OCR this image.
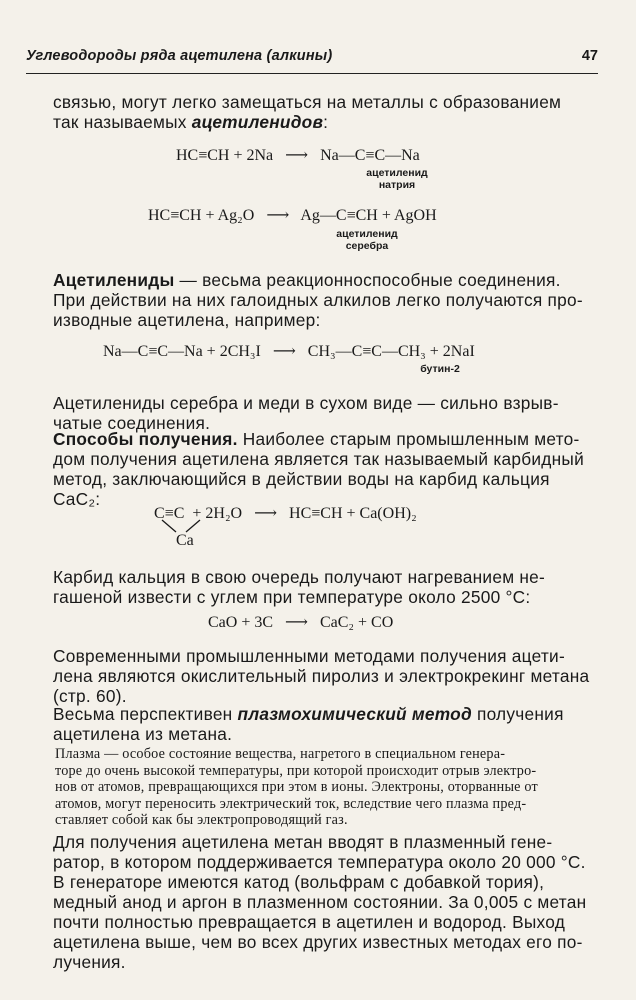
Углеводороды ряда ацетилена (алкины)	47
связью, могут легко замещаться на металлы с образованием
так называемых ацетиленидов:
HC≡CH + 2Na ⟶ Na—C≡C—Na
ацетиленид
натрия
HC≡CH + Ag₂O ⟶ Ag—C≡CH + AgOH
ацетиленид
серебра
Ацетилениды — весьма реакционноспособные соединения.
При действии на них галоидных алкилов легко получаются про-
изводные ацетилена, например:
Na—C≡C—Na + 2CH₃I ⟶ CH₃—C≡C—CH₃ + 2NaI
бутин-2
Ацетилениды серебра и меди в сухом виде — сильно взрыв-
чатые соединения.
Способы получения. Наиболее старым промышленным мето-
дом получения ацетилена является так называемый карбидный
метод, заключающийся в действии воды на карбид кальция
CaC₂:
C≡C + 2H₂O ⟶ HC≡CH + Ca(OH)₂
Ca
Карбид кальция в свою очередь получают нагреванием не-
гашеной извести с углем при температуре около 2500 °C:
CaO + 3C ⟶ CaC₂ + CO
Современными промышленными методами получения ацети-
лена являются окислительный пиролиз и электрокрекинг метана
(стр. 60).
Весьма перспективен плазмохимический метод получения
ацетилена из метана.
Плазма — особое состояние вещества, нагретого в специальном генера-
торе до очень высокой температуры, при которой происходит отрыв электро-
нов от атомов, превращающихся при этом в ионы. Электроны, оторванные от
атомов, могут переносить электрический ток, вследствие чего плазма пред-
ставляет собой как бы электропроводящий газ.
Для получения ацетилена метан вводят в плазменный гене-
ратор, в котором поддерживается температура около 20 000 °C.
В генераторе имеются катод (вольфрам с добавкой тория),
медный анод и аргон в плазменном состоянии. За 0,005 с метан
почти полностью превращается в ацетилен и водород. Выход
ацетилена выше, чем во всех других известных методах его по-
лучения.
